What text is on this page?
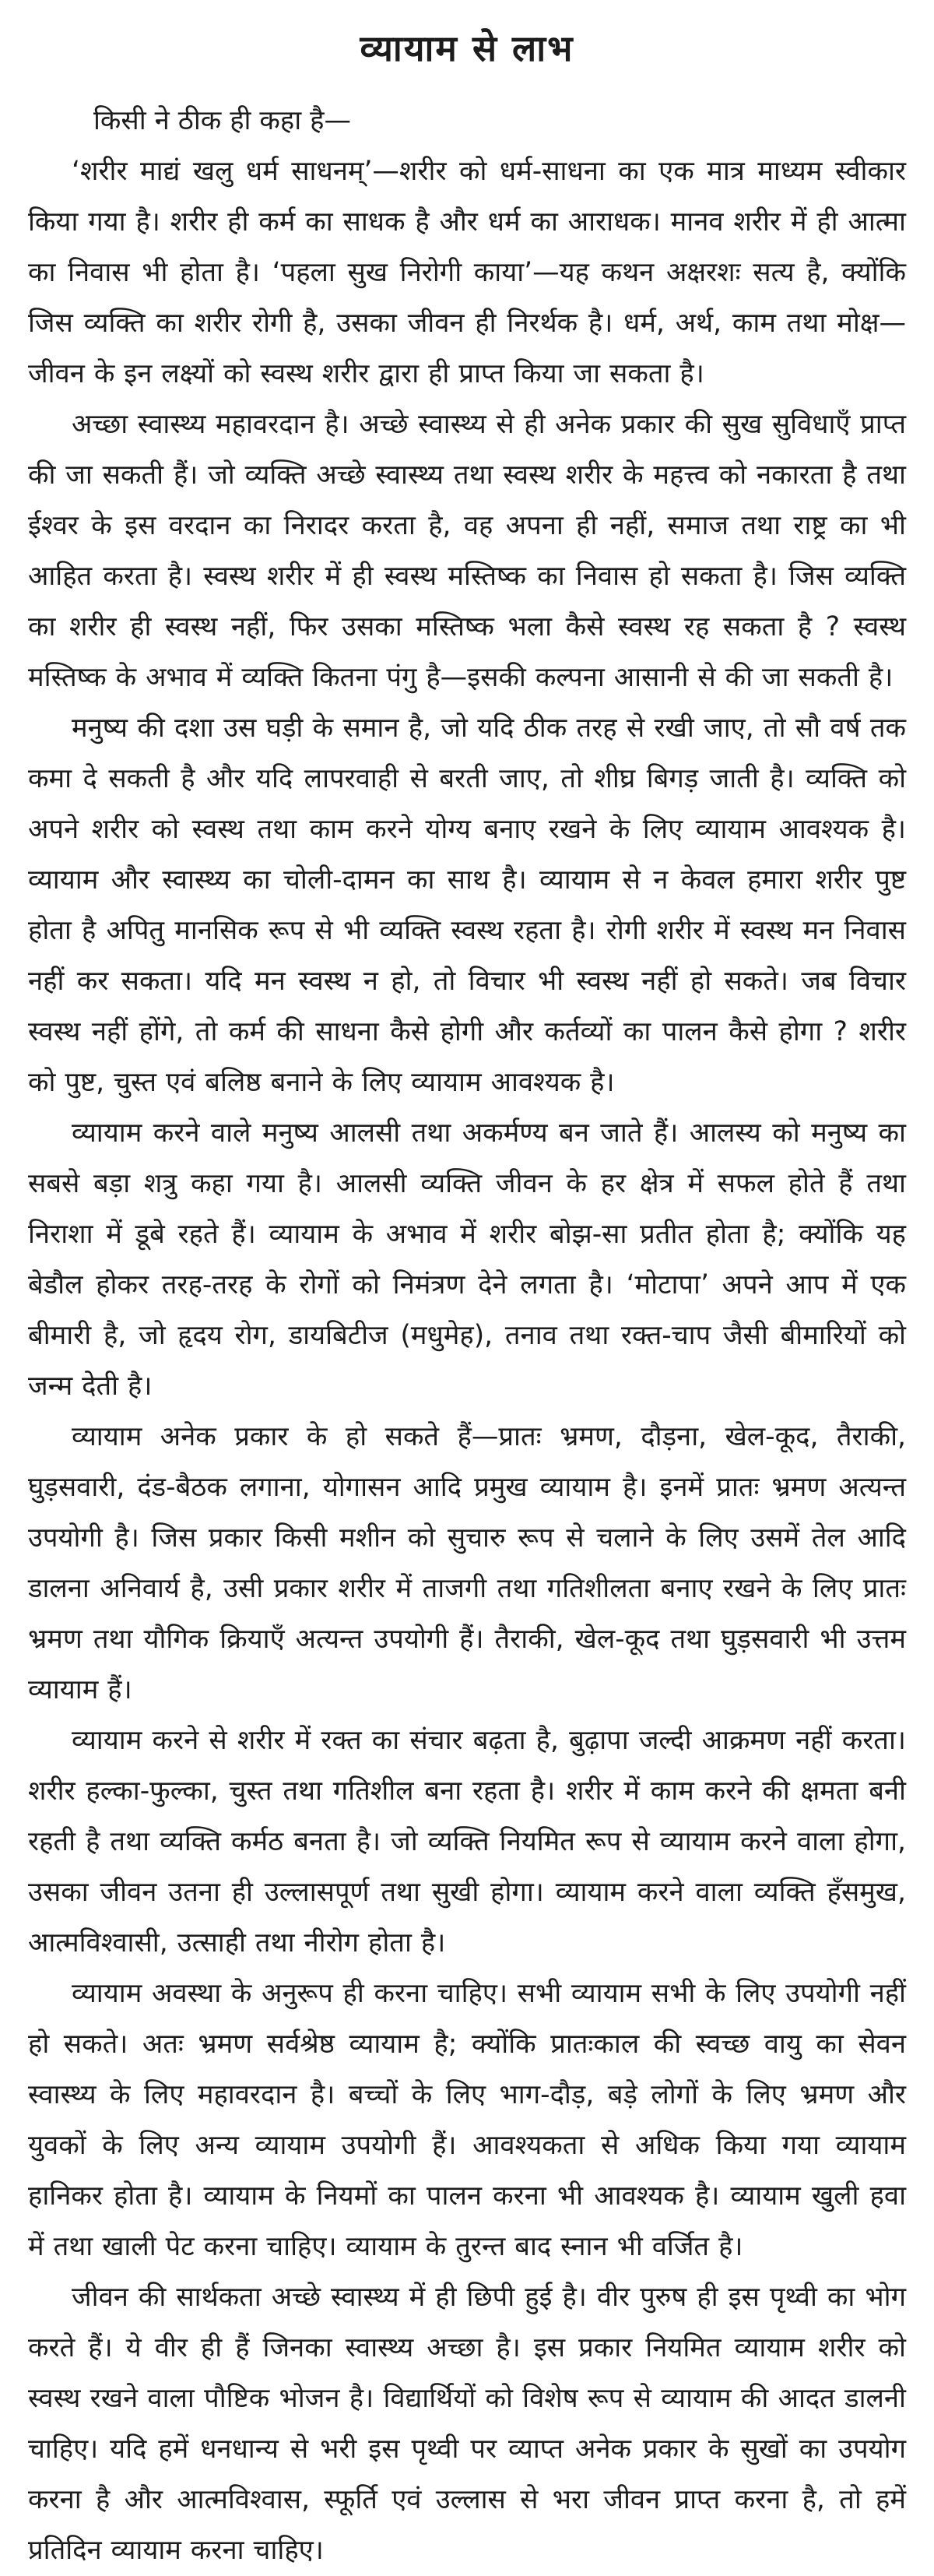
व्यायाम से लाभ

किसी ने ठीक ही कहा है—

‘शरीर माद्यं खलु धर्म साधनम्’—शरीर को धर्म-साधना का एक मात्र माध्यम स्वीकार किया गया है। शरीर ही कर्म का साधक है और धर्म का आराधक। मानव शरीर में ही आत्मा का निवास भी होता है। ‘पहला सुख निरोगी काया’—यह कथन अक्षरशः सत्य है, क्योंकि जिस व्यक्ति का शरीर रोगी है, उसका जीवन ही निरर्थक है। धर्म, अर्थ, काम तथा मोक्ष—जीवन के इन लक्ष्यों को स्वस्थ शरीर द्वारा ही प्राप्त किया जा सकता है।

अच्छा स्वास्थ्य महावरदान है। अच्छे स्वास्थ्य से ही अनेक प्रकार की सुख सुविधाएँ प्राप्त की जा सकती हैं। जो व्यक्ति अच्छे स्वास्थ्य तथा स्वस्थ शरीर के महत्त्व को नकारता है तथा ईश्वर के इस वरदान का निरादर करता है, वह अपना ही नहीं, समाज तथा राष्ट्र का भी आहित करता है। स्वस्थ शरीर में ही स्वस्थ मस्तिष्क का निवास हो सकता है। जिस व्यक्ति का शरीर ही स्वस्थ नहीं, फिर उसका मस्तिष्क भला कैसे स्वस्थ रह सकता है ? स्वस्थ मस्तिष्क के अभाव में व्यक्ति कितना पंगु है—इसकी कल्पना आसानी से की जा सकती है।

मनुष्य की दशा उस घड़ी के समान है, जो यदि ठीक तरह से रखी जाए, तो सौ वर्ष तक कमा दे सकती है और यदि लापरवाही से बरती जाए, तो शीघ्र बिगड़ जाती है। व्यक्ति को अपने शरीर को स्वस्थ तथा काम करने योग्य बनाए रखने के लिए व्यायाम आवश्यक है। व्यायाम और स्वास्थ्य का चोली-दामन का साथ है। व्यायाम से न केवल हमारा शरीर पुष्ट होता है अपितु मानसिक रूप से भी व्यक्ति स्वस्थ रहता है। रोगी शरीर में स्वस्थ मन निवास नहीं कर सकता। यदि मन स्वस्थ न हो, तो विचार भी स्वस्थ नहीं हो सकते। जब विचार स्वस्थ नहीं होंगे, तो कर्म की साधना कैसे होगी और कर्तव्यों का पालन कैसे होगा ? शरीर को पुष्ट, चुस्त एवं बलिष्ठ बनाने के लिए व्यायाम आवश्यक है।

व्यायाम करने वाले मनुष्य आलसी तथा अकर्मण्य बन जाते हैं। आलस्य को मनुष्य का सबसे बड़ा शत्रु कहा गया है। आलसी व्यक्ति जीवन के हर क्षेत्र में सफल होते हैं तथा निराशा में डूबे रहते हैं। व्यायाम के अभाव में शरीर बोझ-सा प्रतीत होता है; क्योंकि यह बेडौल होकर तरह-तरह के रोगों को निमंत्रण देने लगता है। ‘मोटापा’ अपने आप में एक बीमारी है, जो हृदय रोग, डायबिटीज (मधुमेह), तनाव तथा रक्त-चाप जैसी बीमारियों को जन्म देती है।

व्यायाम अनेक प्रकार के हो सकते हैं—प्रातः भ्रमण, दौड़ना, खेल-कूद, तैराकी, घुड़सवारी, दंड-बैठक लगाना, योगासन आदि प्रमुख व्यायाम है। इनमें प्रातः भ्रमण अत्यन्त उपयोगी है। जिस प्रकार किसी मशीन को सुचारु रूप से चलाने के लिए उसमें तेल आदि डालना अनिवार्य है, उसी प्रकार शरीर में ताजगी तथा गतिशीलता बनाए रखने के लिए प्रातः भ्रमण तथा यौगिक क्रियाएँ अत्यन्त उपयोगी हैं। तैराकी, खेल-कूद तथा घुड़सवारी भी उत्तम व्यायाम हैं।

व्यायाम करने से शरीर में रक्त का संचार बढ़ता है, बुढ़ापा जल्दी आक्रमण नहीं करता। शरीर हल्का-फुल्का, चुस्त तथा गतिशील बना रहता है। शरीर में काम करने की क्षमता बनी रहती है तथा व्यक्ति कर्मठ बनता है। जो व्यक्ति नियमित रूप से व्यायाम करने वाला होगा, उसका जीवन उतना ही उल्लासपूर्ण तथा सुखी होगा। व्यायाम करने वाला व्यक्ति हँसमुख, आत्मविश्वासी, उत्साही तथा नीरोग होता है।

व्यायाम अवस्था के अनुरूप ही करना चाहिए। सभी व्यायाम सभी के लिए उपयोगी नहीं हो सकते। अतः भ्रमण सर्वश्रेष्ठ व्यायाम है; क्योंकि प्रातःकाल की स्वच्छ वायु का सेवन स्वास्थ्य के लिए महावरदान है। बच्चों के लिए भाग-दौड़, बड़े लोगों के लिए भ्रमण और युवकों के लिए अन्य व्यायाम उपयोगी हैं। आवश्यकता से अधिक किया गया व्यायाम हानिकर होता है। व्यायाम के नियमों का पालन करना भी आवश्यक है। व्यायाम खुली हवा में तथा खाली पेट करना चाहिए। व्यायाम के तुरन्त बाद स्नान भी वर्जित है।

जीवन की सार्थकता अच्छे स्वास्थ्य में ही छिपी हुई है। वीर पुरुष ही इस पृथ्वी का भोग करते हैं। ये वीर ही हैं जिनका स्वास्थ्य अच्छा है। इस प्रकार नियमित व्यायाम शरीर को स्वस्थ रखने वाला पौष्टिक भोजन है। विद्यार्थियों को विशेष रूप से व्यायाम की आदत डालनी चाहिए। यदि हमें धनधान्य से भरी इस पृथ्वी पर व्याप्त अनेक प्रकार के सुखों का उपयोग करना है और आत्मविश्वास, स्फूर्ति एवं उल्लास से भरा जीवन प्राप्त करना है, तो हमें प्रतिदिन व्यायाम करना चाहिए।
